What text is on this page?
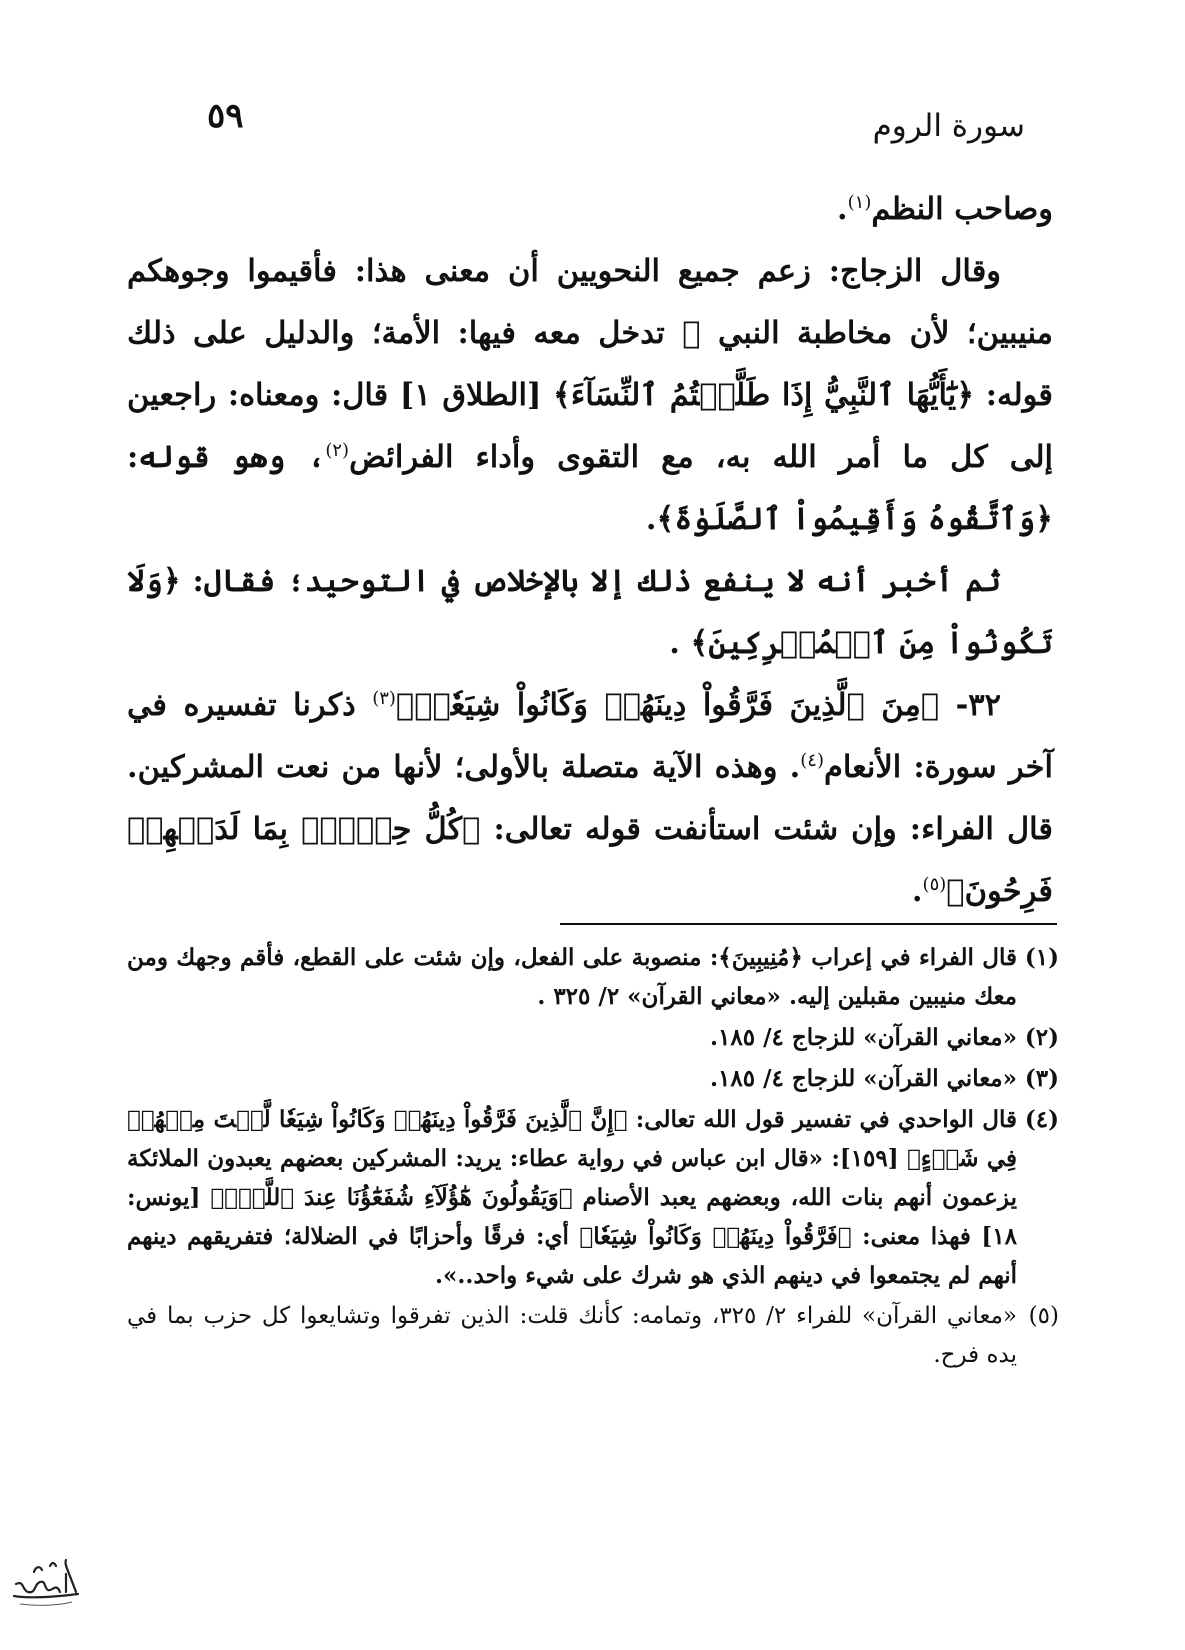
سورة الروم
٥٩

وصاحب النظم$^{(١)}$.

وقال الزجاج: زعم جميع النحويين أن معنى هذا: فأقيموا وجوهكم منيبين؛ لأن مخاطبة النبي ﷺ تدخل معه فيها: الأمة؛ والدليل على ذلك قوله: ﴿يَٰٓأَيُّهَا ٱلنَّبِيُّ إِذَا طَلَّقۡتُمُ ٱلنِّسَآءَ﴾ [الطلاق ١] قال: ومعناه: راجعين إلى كل ما أمر الله به، مع التقوى وأداء الفرائض$^{(٢)}$، وهو قوله: ﴿وَٱتَّقُوهُ وَأَقِيمُواْ ٱلصَّلَوٰةَ﴾.

ثم أخبر أنه لا ينفع ذلك إلا بالإخلاص في التوحيد؛ فقال: ﴿وَلَا تَكُونُواْ مِنَ ٱلۡمُشۡرِكِينَ﴾ .

٣٢- ﴿مِنَ ٱلَّذِينَ فَرَّقُواْ دِينَهُمۡ وَكَانُواْ شِيَعٗاۖ﴾$^{(٣)}$ ذكرنا تفسيره في آخر سورة: الأنعام$^{(٤)}$. وهذه الآية متصلة بالأولى؛ لأنها من نعت المشركين. قال الفراء: وإن شئت استأنفت قوله تعالى: ﴿كُلُّ حِزۡبِۭ بِمَا لَدَيۡهِمۡ فَرِحُونَ﴾$^{(٥)}$.

(١)
قال الفراء في إعراب ﴿مُنِيبِينَ﴾: منصوبة على الفعل، وإن شئت على القطع، فأقم وجهك ومن معك منيبين مقبلين إليه. «معاني القرآن» ٢/ ٣٢٥ .
(٢)
«معاني القرآن» للزجاج ٤/ ١٨٥.
(٣)
«معاني القرآن» للزجاج ٤/ ١٨٥.
(٤)
قال الواحدي في تفسير قول الله تعالى: ﴿إِنَّ ٱلَّذِينَ فَرَّقُواْ دِينَهُمۡ وَكَانُواْ شِيَعٗا لَّسۡتَ مِنۡهُمۡ فِي شَيۡءٍ﴾ [١٥٩]: «قال ابن عباس في رواية عطاء: يريد: المشركين بعضهم يعبدون الملائكة يزعمون أنهم بنات الله، وبعضهم يعبد الأصنام ﴿وَيَقُولُونَ هَٰٓؤُلَآءِ شُفَعَٰٓؤُنَا عِندَ ٱللَّهِۚ﴾ [يونس: ١٨] فهذا معنى: ﴿فَرَّقُواْ دِينَهُمۡ وَكَانُواْ شِيَعٗا﴾ أي: فرقًا وأحزابًا في الضلالة؛ فتفريقهم دينهم أنهم لم يجتمعوا في دينهم الذي هو شرك على شيء واحد..».
(٥)
«معاني القرآن» للفراء ٢/ ٣٢٥، وتمامه: كأنك قلت: الذين تفرقوا وتشايعوا كل حزب بما في يده فرح.
